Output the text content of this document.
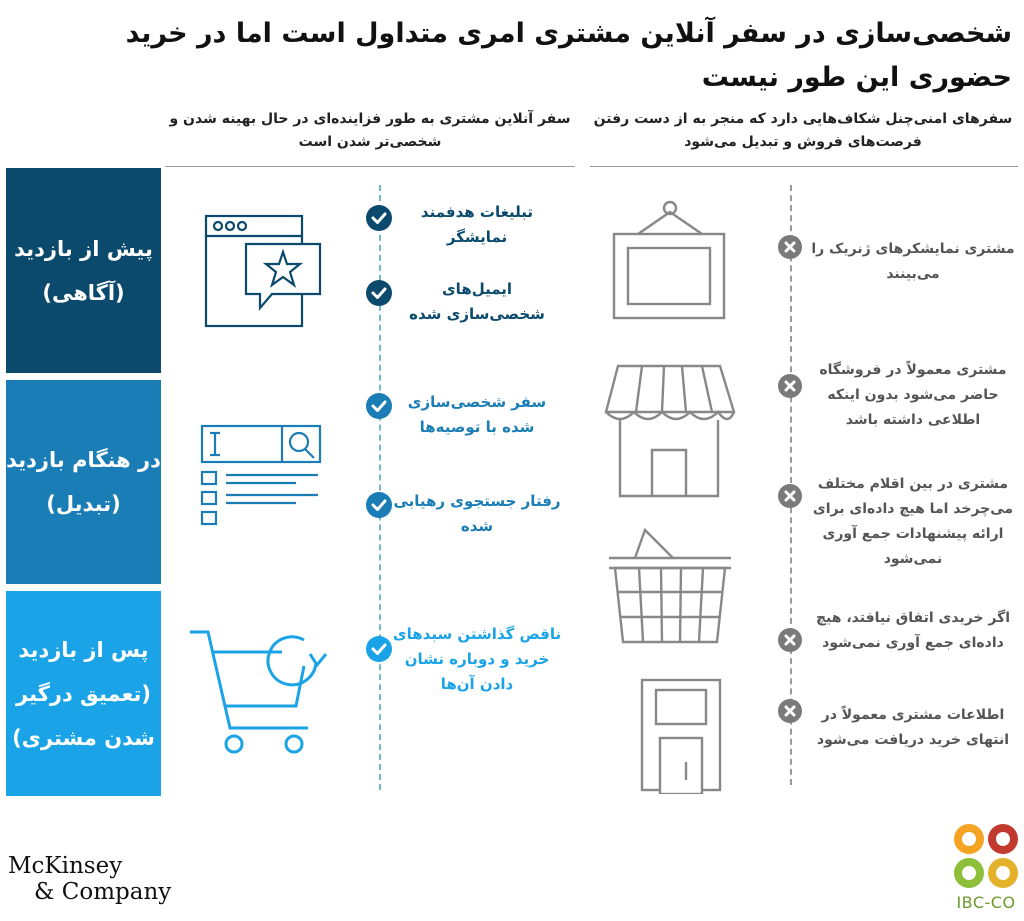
شخصی‌سازی در سفر آنلاین مشتری امری متداول است اما در خرید حضوری این طور نیست
سفرهای امنی‌چنل شکاف‌هایی دارد که منجر به از دست رفتن فرصت‌های فروش و تبدیل می‌شود
سفر آنلاین مشتری به طور فزاینده‌ای در حال بهینه شدن و شخصی‌تر شدن است
پیش از بازدید (آگاهی)
در هنگام بازدید (تبدیل)
پس از بازدید (تعمیق درگیر شدن مشتری)
تبلیغات هدفمند نمایشگر
ایمیل‌های شخصی‌سازی شده
سفر شخصی‌سازی شده با توصیه‌ها
رفتار جستجوی رهیابی شده
ناقص گذاشتن سبدهای خرید و دوباره نشان دادن آن‌ها
مشتری نمایشکرهای ژنریک را می‌بینند
مشتری معمولاً در فروشگاه حاضر می‌شود بدون اینکه اطلاعی داشته باشد
مشتری در بین اقلام مختلف می‌چرخد اما هیچ داده‌ای برای ارائه پیشنهادات جمع آوری نمی‌شود
اگر خریدی اتفاق نیافتد، هیچ داده‌ای جمع آوری نمی‌شود
اطلاعات مشتری معمولاً در انتهای خرید دریافت می‌شود
McKinsey
& Company	IBC-CO
